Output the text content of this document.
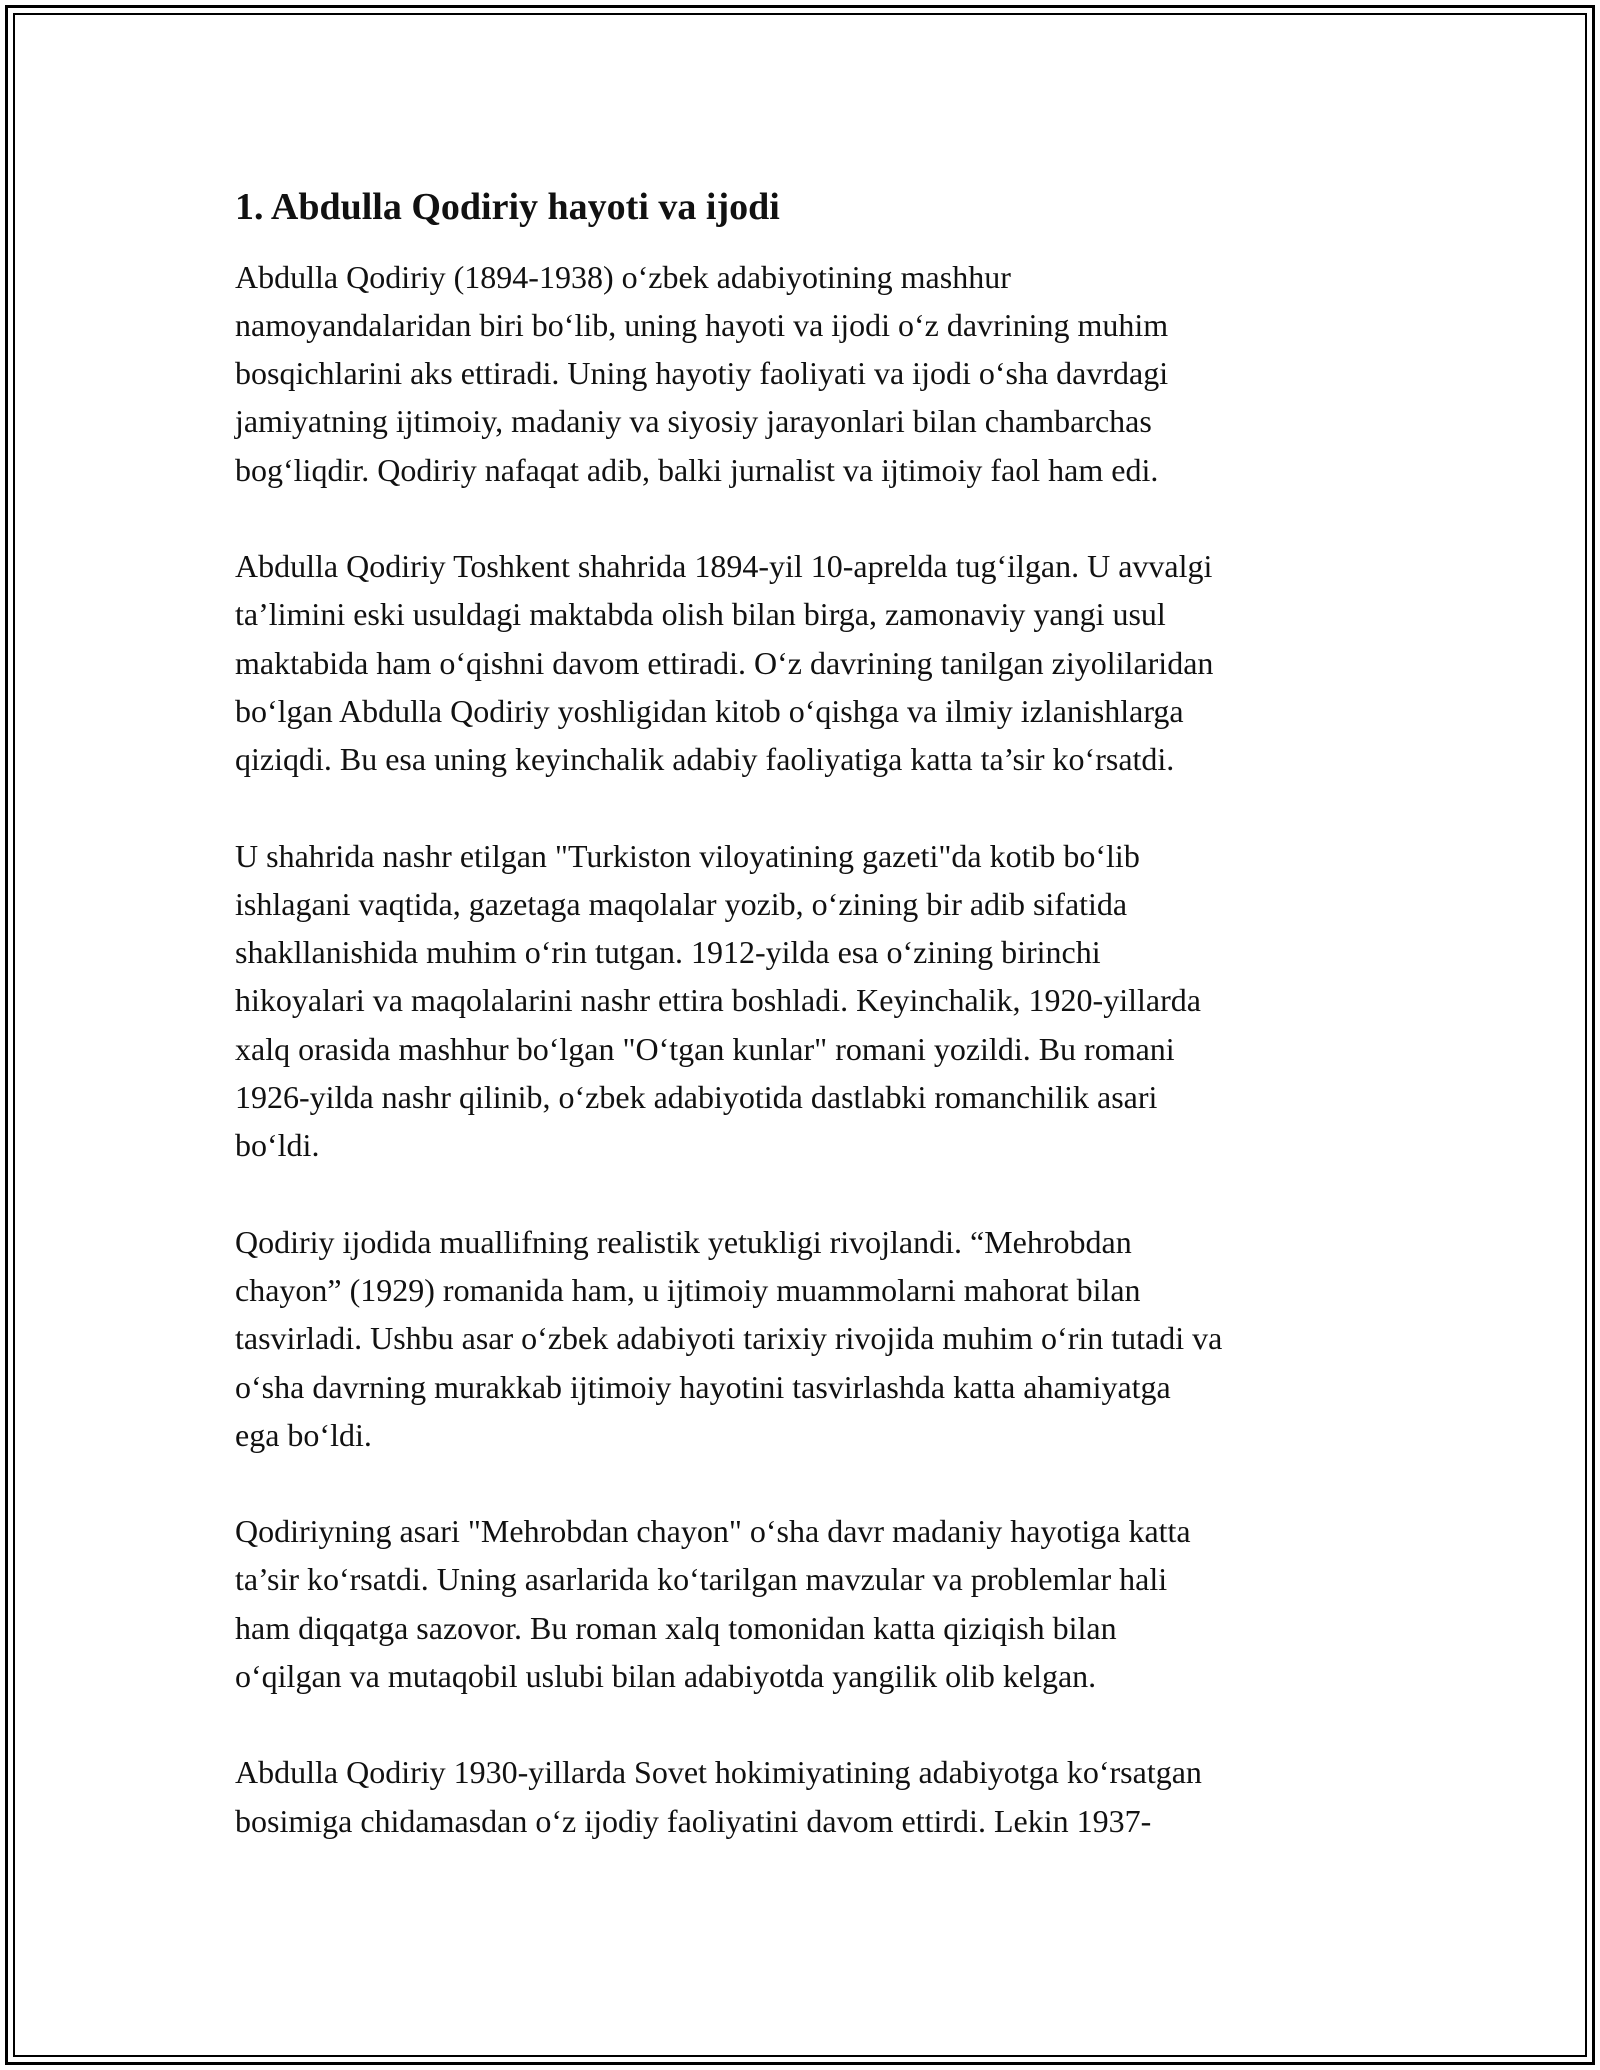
1. Abdulla Qodiriy hayoti va ijodi

Abdulla Qodiriy (1894-1938) o‘zbek adabiyotining mashhur
namoyandalaridan biri bo‘lib, uning hayoti va ijodi o‘z davrining muhim
bosqichlarini aks ettiradi. Uning hayotiy faoliyati va ijodi o‘sha davrdagi
jamiyatning ijtimoiy, madaniy va siyosiy jarayonlari bilan chambarchas
bog‘liqdir. Qodiriy nafaqat adib, balki jurnalist va ijtimoiy faol ham edi.

Abdulla Qodiriy Toshkent shahrida 1894-yil 10-aprelda tug‘ilgan. U avvalgi
ta’limini eski usuldagi maktabda olish bilan birga, zamonaviy yangi usul
maktabida ham o‘qishni davom ettiradi. O‘z davrining tanilgan ziyolilaridan
bo‘lgan Abdulla Qodiriy yoshligidan kitob o‘qishga va ilmiy izlanishlarga
qiziqdi. Bu esa uning keyinchalik adabiy faoliyatiga katta ta’sir ko‘rsatdi.

U shahrida nashr etilgan "Turkiston viloyatining gazeti"da kotib bo‘lib
ishlagani vaqtida, gazetaga maqolalar yozib, o‘zining bir adib sifatida
shakllanishida muhim o‘rin tutgan. 1912-yilda esa o‘zining birinchi
hikoyalari va maqolalarini nashr ettira boshladi. Keyinchalik, 1920-yillarda
xalq orasida mashhur bo‘lgan "O‘tgan kunlar" romani yozildi. Bu romani
1926-yilda nashr qilinib, o‘zbek adabiyotida dastlabki romanchilik asari
bo‘ldi.

Qodiriy ijodida muallifning realistik yetukligi rivojlandi. “Mehrobdan
chayon” (1929) romanida ham, u ijtimoiy muammolarni mahorat bilan
tasvirladi. Ushbu asar o‘zbek adabiyoti tarixiy rivojida muhim o‘rin tutadi va
o‘sha davrning murakkab ijtimoiy hayotini tasvirlashda katta ahamiyatga
ega bo‘ldi.

Qodiriyning asari "Mehrobdan chayon" o‘sha davr madaniy hayotiga katta
ta’sir ko‘rsatdi. Uning asarlarida ko‘tarilgan mavzular va problemlar hali
ham diqqatga sazovor. Bu roman xalq tomonidan katta qiziqish bilan
o‘qilgan va mutaqobil uslubi bilan adabiyotda yangilik olib kelgan.

Abdulla Qodiriy 1930-yillarda Sovet hokimiyatining adabiyotga ko‘rsatgan
bosimiga chidamasdan o‘z ijodiy faoliyatini davom ettirdi. Lekin 1937-
